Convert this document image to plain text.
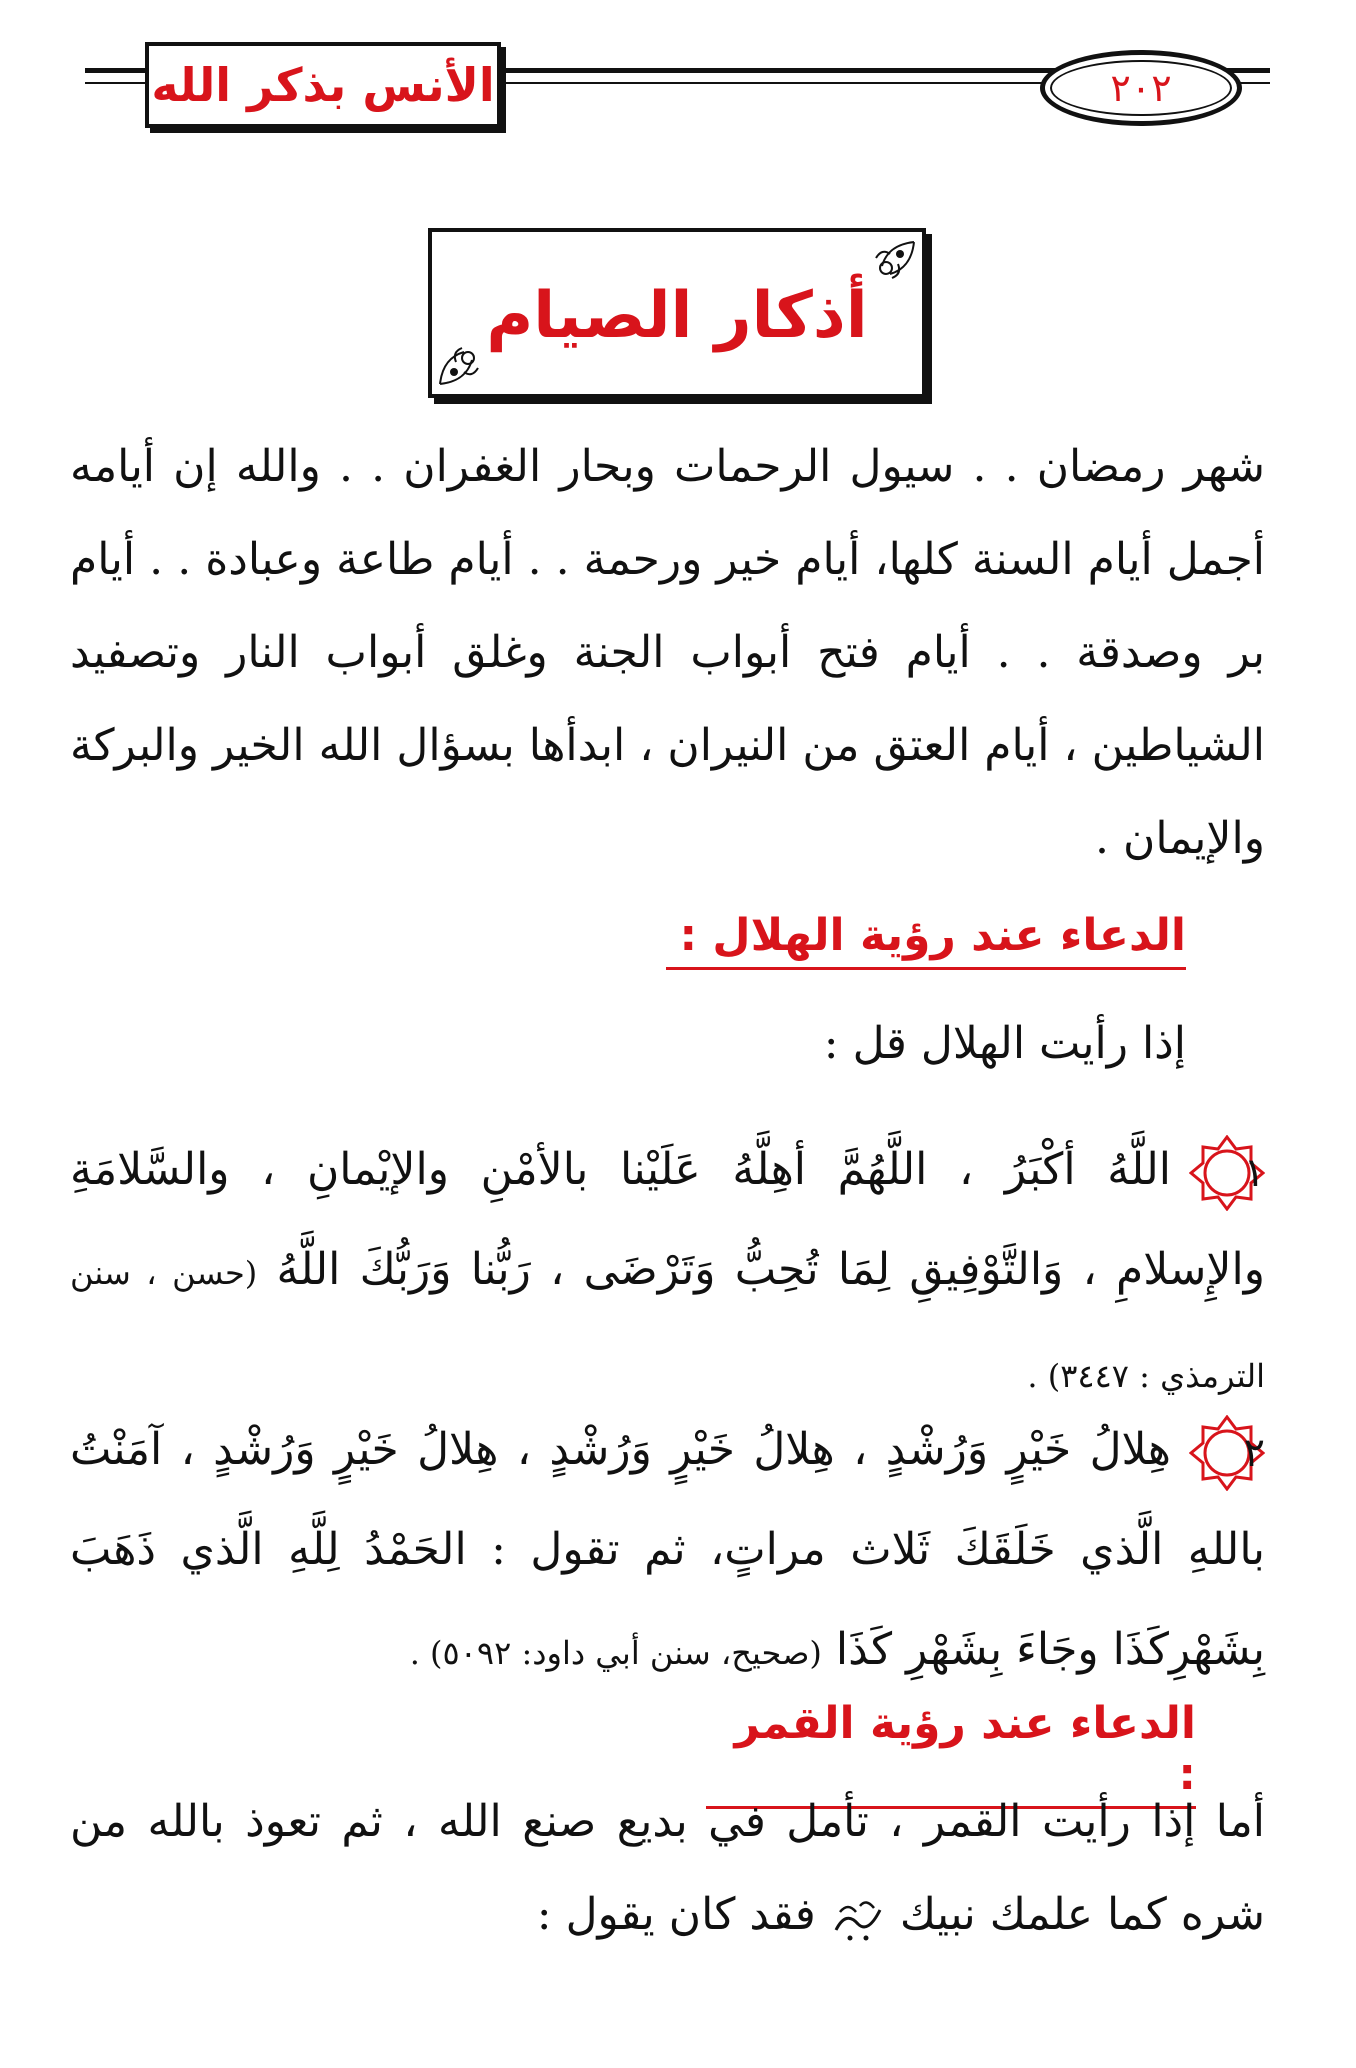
الأنس بذكر الله	٢٠٢
أذكار الصيام

شهر رمضان . . سيول الرحمات وبحار الغفران . . والله إن أيامه أجمل أيام السنة كلها، أيام خير ورحمة . . أيام طاعة وعبادة . . أيام بر وصدقة . . أيام فتح أبواب الجنة وغلق أبواب النار وتصفيد الشياطين ، أيام العتق من النيران ، ابدأها بسؤال الله الخير والبركة والإيمان .

الدعاء عند رؤية الهلال :
إذا رأيت الهلال قل :
١
اللَّهُ أكْبَرُ ، اللَّهُمَّ أهِلَّهُ عَلَيْنا بالأمْنِ والإيْمانِ ، والسَّلامَةِ والإِسلامِ ، وَالتَّوْفِيقِ لِمَا تُحِبُّ وَتَرْضَى ، رَبُّنا وَرَبُّكَ اللَّهُ (حسن ، سنن الترمذي : ٣٤٤٧) .
٢
هِلالُ خَيْرٍ وَرُشْدٍ ، هِلالُ خَيْرٍ وَرُشْدٍ ، هِلالُ خَيْرٍ وَرُشْدٍ ، آمَنْتُ باللهِ الَّذي خَلَقَكَ ثَلاث مراتٍ، ثم تقول : الحَمْدُ لِلَّهِ الَّذي ذَهَبَ بِشَهْرِكَذَا وجَاءَ بِشَهْرِ كَذَا (صحيح، سنن أبي داود: ٥٠٩٢) .
الدعاء عند رؤية القمر :

أما إذا رأيت القمر ، تأمل في بديع صنع الله ، ثم تعوذ بالله من شره كما علمك نبيك  فقد كان يقول :
